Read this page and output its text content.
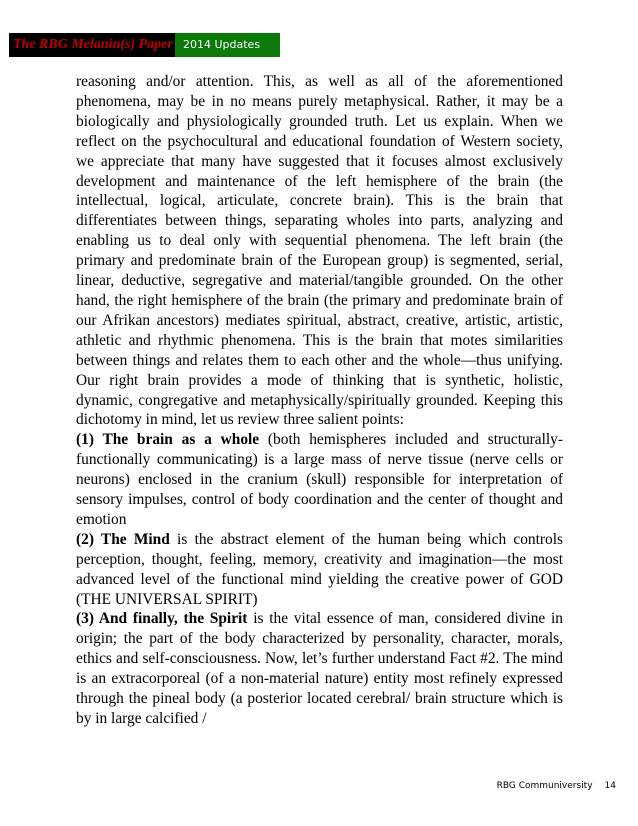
The RBG Melanin(s) Paper 2014 Updates

reasoning and/or attention. This, as well as all of the aforementioned phenomena, may be in no means purely metaphysical. Rather, it may be a biologically and physiologically grounded truth. Let us explain. When we reflect on the psychocultural and educational foundation of Western society, we appreciate that many have suggested that it focuses almost exclusively development and maintenance of the left hemisphere of the brain (the intellectual, logical, articulate, concrete brain). This is the brain that differentiates between things, separating wholes into parts, analyzing and enabling us to deal only with sequential phenomena. The left brain (the primary and predominate brain of the European group) is segmented, serial, linear, deductive, segregative and material/tangible grounded. On the other hand, the right hemisphere of the brain (the primary and predominate brain of our Afrikan ancestors) mediates spiritual, abstract, creative, artistic, artistic, athletic and rhythmic phenomena. This is the brain that motes similarities between things and relates them to each other and the whole—thus unifying. Our right brain provides a mode of thinking that is synthetic, holistic, dynamic, congregative and metaphysically/spiritually grounded. Keeping this dichotomy in mind, let us review three salient points:

(1) The brain as a whole (both hemispheres included and structurally-functionally communicating) is a large mass of nerve tissue (nerve cells or neurons) enclosed in the cranium (skull) responsible for interpretation of sensory impulses, control of body coordination and the center of thought and emotion

(2) The Mind is the abstract element of the human being which controls perception, thought, feeling, memory, creativity and imagination—the most advanced level of the functional mind yielding the creative power of GOD (THE UNIVERSAL SPIRIT)

(3) And finally, the Spirit is the vital essence of man, considered divine in origin; the part of the body characterized by personality, character, morals, ethics and self-consciousness. Now, let’s further understand Fact #2. The mind is an extracorporeal (of a non-material nature) entity most refinely expressed through the pineal body (a posterior located cerebral/ brain structure which is by in large calcified /

RBG Communiversity 14
